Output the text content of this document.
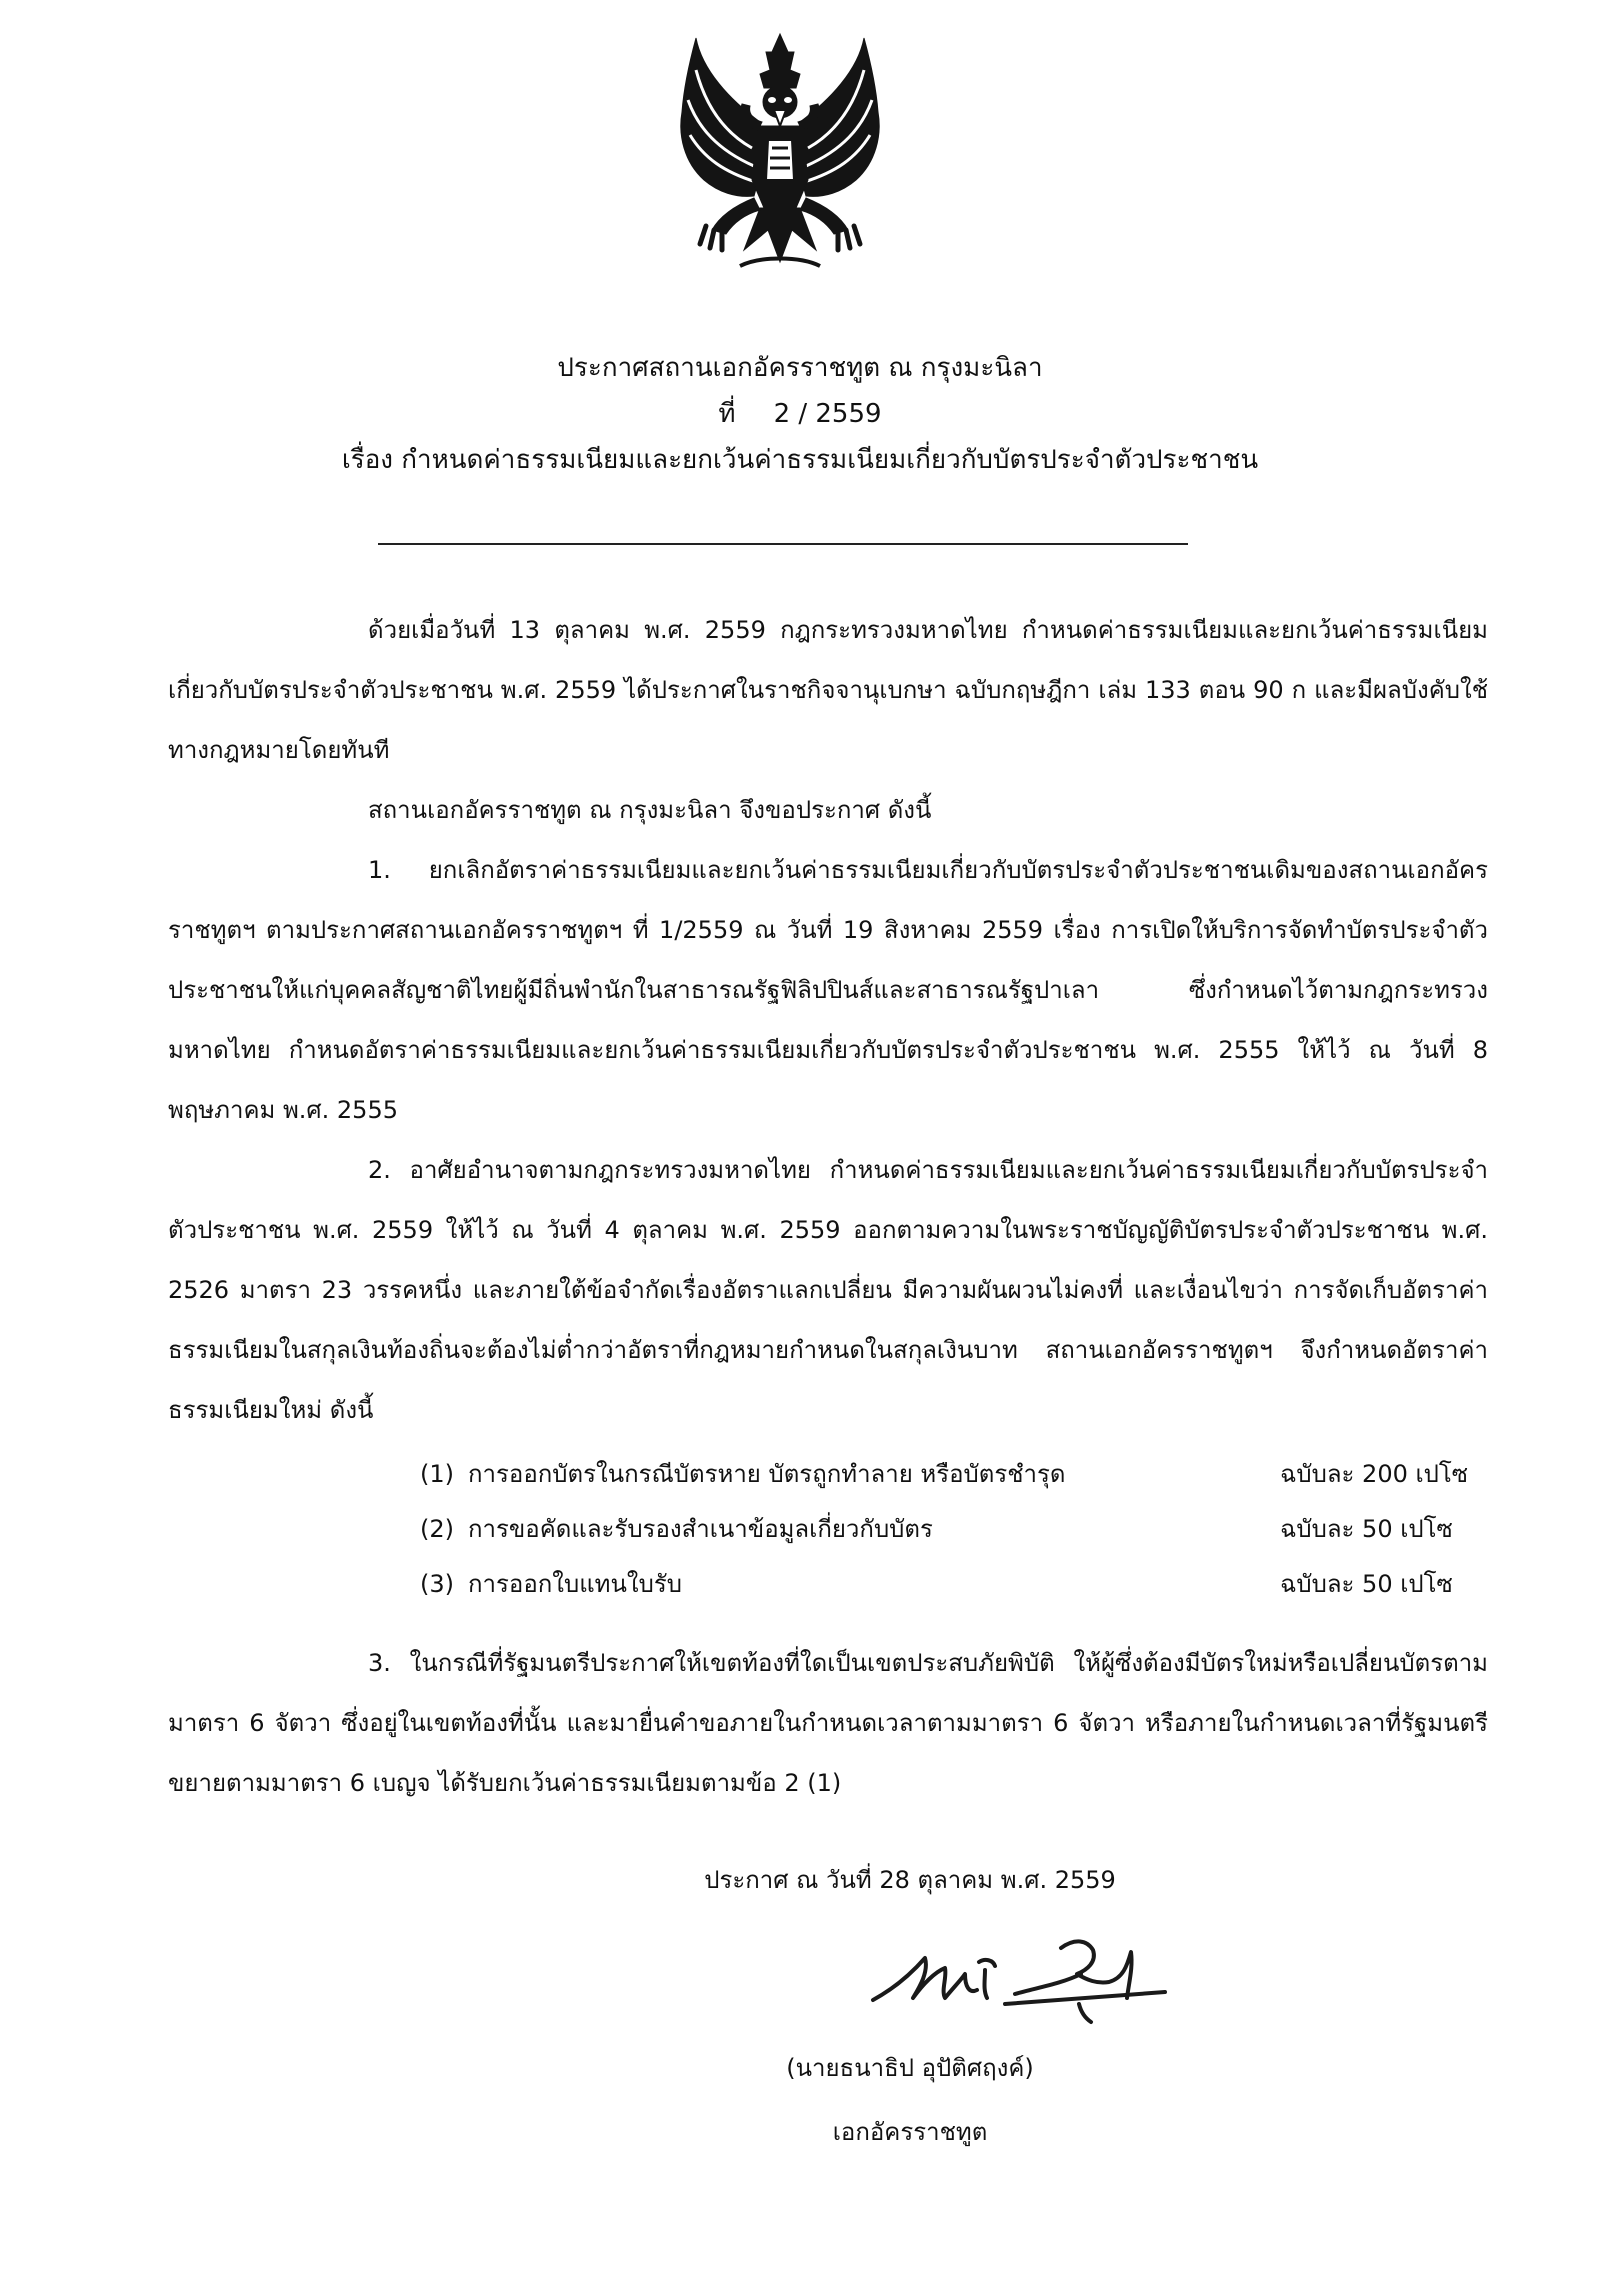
ประกาศสถานเอกอัครราชทูต ณ กรุงมะนิลา
ที่ 2 / 2559
เรื่อง กำหนดค่าธรรมเนียมและยกเว้นค่าธรรมเนียมเกี่ยวกับบัตรประจำตัวประชาชน

ด้วยเมื่อวันที่ 13 ตุลาคม พ.ศ. 2559 กฎกระทรวงมหาดไทย กำหนดค่าธรรมเนียมและยกเว้นค่าธรรมเนียมเกี่ยวกับบัตรประจำตัวประชาชน พ.ศ. 2559 ได้ประกาศในราชกิจจานุเบกษา ฉบับกฤษฎีกา เล่ม 133 ตอน 90 ก และมีผลบังคับใช้ทางกฎหมายโดยทันที

สถานเอกอัครราชทูต ณ กรุงมะนิลา จึงขอประกาศ ดังนี้

1. ยกเลิกอัตราค่าธรรมเนียมและยกเว้นค่าธรรมเนียมเกี่ยวกับบัตรประจำตัวประชาชนเดิมของสถานเอกอัครราชทูตฯ ตามประกาศสถานเอกอัครราชทูตฯ ที่ 1/2559 ณ วันที่ 19 สิงหาคม 2559 เรื่อง การเปิดให้บริการจัดทำบัตรประจำตัวประชาชนให้แก่บุคคลสัญชาติไทยผู้มีถิ่นพำนักในสาธารณรัฐฟิลิปปินส์และสาธารณรัฐปาเลา ซึ่งกำหนดไว้ตามกฎกระทรวงมหาดไทย กำหนดอัตราค่าธรรมเนียมและยกเว้นค่าธรรมเนียมเกี่ยวกับบัตรประจำตัวประชาชน พ.ศ. 2555 ให้ไว้ ณ วันที่ 8 พฤษภาคม พ.ศ. 2555

2. อาศัยอำนาจตามกฎกระทรวงมหาดไทย กำหนดค่าธรรมเนียมและยกเว้นค่าธรรมเนียมเกี่ยวกับบัตรประจำตัวประชาชน พ.ศ. 2559 ให้ไว้ ณ วันที่ 4 ตุลาคม พ.ศ. 2559 ออกตามความในพระราชบัญญัติบัตรประจำตัวประชาชน พ.ศ. 2526 มาตรา 23 วรรคหนึ่ง และภายใต้ข้อจำกัดเรื่องอัตราแลกเปลี่ยน มีความผันผวนไม่คงที่ และเงื่อนไขว่า การจัดเก็บอัตราค่าธรรมเนียมในสกุลเงินท้องถิ่นจะต้องไม่ต่ำกว่าอัตราที่กฎหมายกำหนดในสกุลเงินบาท สถานเอกอัครราชทูตฯ จึงกำหนดอัตราค่าธรรมเนียมใหม่ ดังนี้

(1) การออกบัตรในกรณีบัตรหาย บัตรถูกทำลาย หรือบัตรชำรุด	ฉบับละ 200 เปโซ
(2) การขอคัดและรับรองสำเนาข้อมูลเกี่ยวกับบัตร	ฉบับละ 50 เปโซ
(3) การออกใบแทนใบรับ	ฉบับละ 50 เปโซ

3. ในกรณีที่รัฐมนตรีประกาศให้เขตท้องที่ใดเป็นเขตประสบภัยพิบัติ ให้ผู้ซึ่งต้องมีบัตรใหม่หรือเปลี่ยนบัตรตามมาตรา 6 จัตวา ซึ่งอยู่ในเขตท้องที่นั้น และมายื่นคำขอภายในกำหนดเวลาตามมาตรา 6 จัตวา หรือภายในกำหนดเวลาที่รัฐมนตรีขยายตามมาตรา 6 เบญจ ได้รับยกเว้นค่าธรรมเนียมตามข้อ 2 (1)

ประกาศ ณ วันที่ 28 ตุลาคม พ.ศ. 2559
(นายธนาธิป อุปัติศฤงค์)
เอกอัครราชทูต
